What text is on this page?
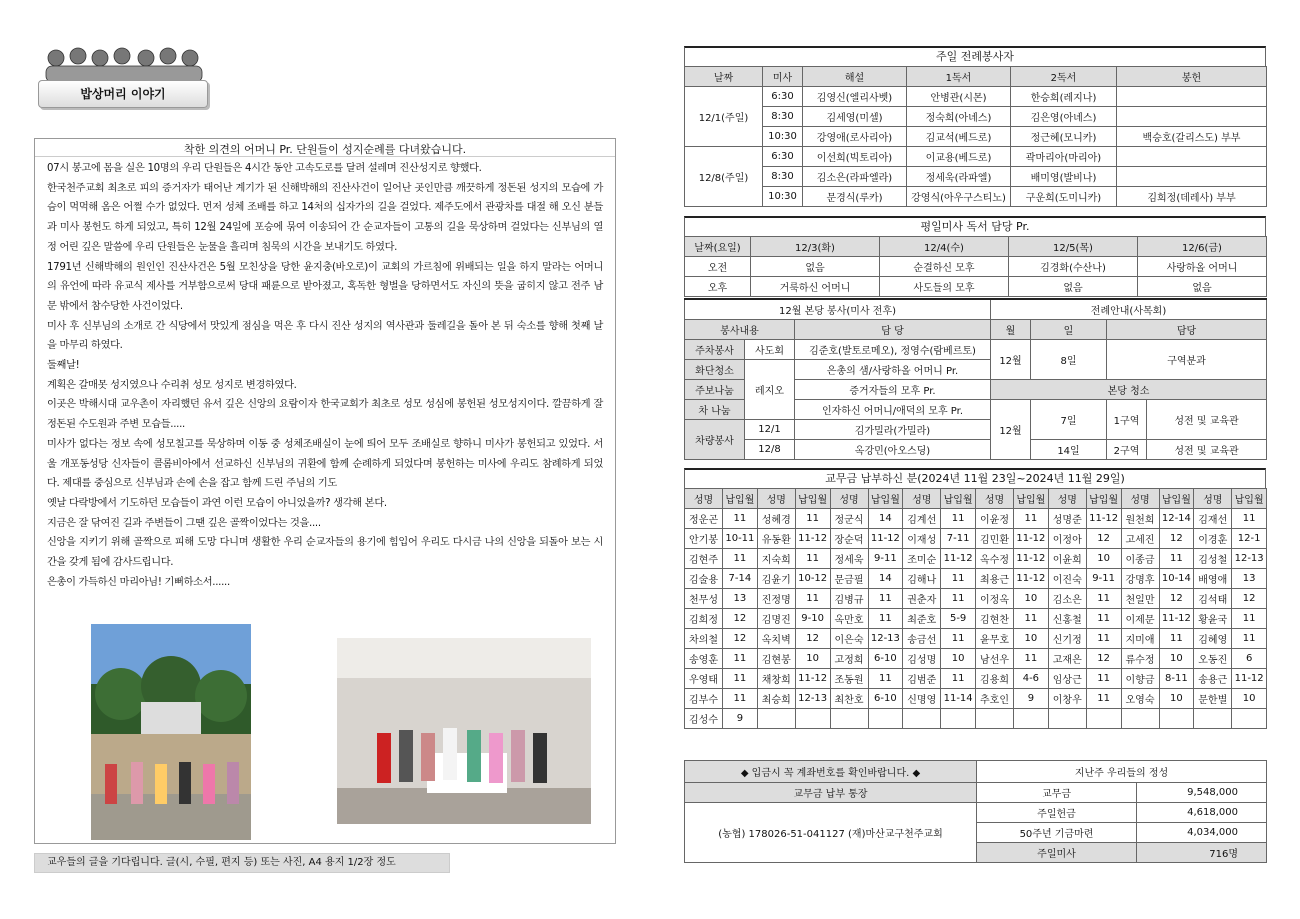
밥상머리 이야기
착한 의견의 어머니 Pr. 단원들이 성지순례를 다녀왔습니다.

07시 봉고에 몸을 실은 10명의 우리 단원들은 4시간 동안 고속도로를 달려 설레며 진산성지로 향했다.

한국천주교회 최초로 피의 증거자가 태어난 계기가 된 신해박해의 진산사건이 일어난 곳인만큼 깨끗하게 정돈된 성지의 모습에 가슴이 먹먹해 옴은 어쩔 수가 없었다. 먼저 성체 조배를 하고 14처의 십자가의 길을 걸었다. 제주도에서 관광차를 대절 해 오신 분들과 미사 봉헌도 하게 되었고, 특히 12월 24일에 포승에 묶여 이송되어 간 순교자들이 고통의 길을 묵상하며 걸었다는 신부님의 열정 어린 깊은 말씀에 우리 단원들은 눈물을 흘리며 침묵의 시간을 보내기도 하였다.

1791년 신해박해의 원인인 진산사건은 5월 모친상을 당한 윤지충(바오로)이 교회의 가르침에 위배되는 일을 하지 말라는 어머니의 유언에 따라 유교식 제사를 거부함으로써 당대 패륜으로 받아졌고, 혹독한 형벌을 당하면서도 자신의 뜻을 굽히지 않고 전주 남문 밖에서 참수당한 사건이었다.

미사 후 신부님의 소개로 간 식당에서 맛있게 점심을 먹은 후 다시 진산 성지의 역사관과 둘레길을 돌아 본 뒤 숙소를 향해 첫째 날을 마무리 하였다.

둘째날!

계획은 갈매못 성지였으나 수리취 성모 성지로 변경하였다.

이곳은 박해시대 교우촌이 자리했던 유서 깊은 신앙의 요람이자 한국교회가 최초로 성모 성심에 봉헌된 성모성지이다. 깔끔하게 잘 정돈된 수도원과 주변 모습들.....

미사가 없다는 정보 속에 성모칠고를 묵상하며 이동 중 성체조배실이 눈에 띄어 모두 조배실로 향하니 미사가 봉헌되고 있었다. 서울 개포동성당 신자들이 콜롬비아에서 선교하신 신부님의 귀환에 함께 순례하게 되었다며 봉헌하는 미사에 우리도 참례하게 되었다. 제대를 중심으로 신부님과 손에 손을 잡고 함께 드린 주님의 기도

옛날 다락방에서 기도하던 모습들이 과연 이런 모습이 아니었을까? 생각해 본다.

지금은 잘 닦여진 길과 주변들이 그땐 깊은 골짝이었다는 것을....

신앙을 지키기 위해 골짝으로 피해 도망 다니며 생활한 우리 순교자들의 용기에 힘입어 우리도 다시금 나의 신앙을 되돌아 보는 시간을 갖게 됨에 감사드립니다.

은총이 가득하신 마리아님! 기뻐하소서......

교우들의 글을 기다립니다. 글(시, 수필, 편지 등) 또는 사진, A4 용지 1/2장 정도
주일 전례봉사자
날짜	미사	해설	1독서	2독서	봉헌
12/1(주일)	6:30	김영신(엘리사벳)	안병관(시몬)	한승희(레지나)	
	8:30	김세영(미셀)	정숙희(아녜스)	김은영(아녜스)	
	10:30	강영애(로사리아)	김교석(베드로)	정근혜(모니카)	백승호(갈리스도) 부부
12/8(주일)	6:30	이선희(빅토리아)	이교용(베드로)	곽마리아(마리아)	
	8:30	김소은(라파엘라)	정세욱(라파엘)	배미영(발비나)	
	10:30	문경식(루카)	강영식(아우구스티노)	구운희(도미니카)	김희정(데레사) 부부
평일미사 독서 담당 Pr.
날짜(요일)	12/3(화)	12/4(수)	12/5(목)	12/6(금)
오전	없음	순결하신 모후	김경화(수산나)	사랑하올 어머니
오후	거룩하신 어머니	사도들의 모후	없음	없음
12월 본당 봉사(미사 전후)			전례안내(사목회)			
봉사내용		담 당	월	일	담당	
주차봉사	사도회	김준호(발토로메오), 정영수(람베르토)	12월	8일	구역분과	
화단청소	레지오	은총의 샘/사랑하올 어머니 Pr.				
주보나눔		증거자들의 모후 Pr.	본당 청소			
차 나눔		인자하신 어머니/애덕의 모후 Pr.	12월	7일	1구역	성전 및 교육관
차량봉사	12/1	김가밀라(가밀라)				
	12/8	옥강민(아오스딩)		14일	2구역	성전 및 교육관
교무금 납부하신 분(2024년 11월 23일~2024년 11월 29일)
성명	납입월	성명	납입월	성명	납입월	성명	납입월	성명	납입월	성명	납입월	성명	납입월	성명	납입월
정운곤	11	성혜경	11	정군식	14	김계선	11	이윤정	11	성명준	11-12	원천희	12-14	김재선	11
안기봉	10-11	유동환	11-12	장순덕	11-12	이재성	7-11	김민환	11-12	이정아	12	고세진	12	이경훈	12-1
김현주	11	지숙희	11	정세욱	9-11	조미순	11-12	옥수정	11-12	이윤희	10	이종금	11	김성철	12-13
김술용	7-14	김윤기	10-12	문금필	14	김해나	11	최용근	11-12	이진숙	9-11	강명후	10-14	배영애	13
천무성	13	진정명	11	김병규	11	권춘자	11	이정옥	10	김소은	11	천일만	12	김석태	12
김희정	12	김명진	9-10	옥만호	11	최준호	5-9	김현찬	11	신홍철	11	이제문	11-12	황윤국	11
차의철	12	옥치벽	12	이은숙	12-13	송금선	11	윤무호	10	신기정	11	지미애	11	김혜영	11
송영훈	11	김현봉	10	고정희	6-10	김성명	10	남선우	11	고재은	12	류수정	10	오동진	6
우영태	11	채창희	11-12	조동원	11	김범준	11	김용희	4-6	임상근	11	이향금	8-11	송용근	11-12
김부수	11	최승희	12-13	최찬호	6-10	신명영	11-14	추호인	9	이창우	11	오영숙	10	문한별	10
김성수	9														
◆ 입금시 꼭 계좌번호를 확인바랍니다. ◆	지난주 우리들의 정성	
교무금 납부 통장	교무금	9,548,000
(농협) 178026-51-041127 (재)마산교구천주교회	주일헌금	4,618,000
	50주년 기금마련	4,034,000
	주일미사	716명
